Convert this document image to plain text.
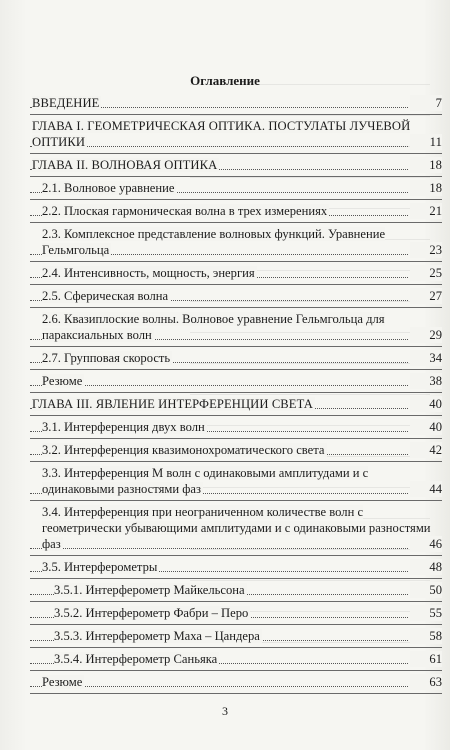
Оглавление
ВВЕДЕНИЕ	7
ГЛАВА I. ГЕОМЕТРИЧЕСКАЯ ОПТИКА. ПОСТУЛАТЫ ЛУЧЕВОЙ ОПТИКИ	11
ГЛАВА II. ВОЛНОВАЯ ОПТИКА	18
2.1. Волновое уравнение	18
2.2. Плоская гармоническая волна в трех измерениях	21
2.3. Комплексное представление волновых функций. Уравнение Гельмгольца	23
2.4. Интенсивность, мощность, энергия	25
2.5. Сферическая волна	27
2.6. Квазиплоские волны. Волновое уравнение Гельмгольца для параксиальных волн	29
2.7. Групповая скорость	34
Резюме	38
ГЛАВА III. ЯВЛЕНИЕ ИНТЕРФЕРЕНЦИИ СВЕТА	40
3.1. Интерференция двух волн	40
3.2. Интерференция квазимонохроматического света	42
3.3. Интерференция М волн с одинаковыми амплитудами и с одинаковыми разностями фаз	44
3.4. Интерференция при неограниченном количестве волн с геометрически убывающими амплитудами и с одинаковыми разностями фаз	46
3.5. Интерферометры	48
3.5.1. Интерферометр Майкельсона	50
3.5.2. Интерферометр Фабри – Перо	55
3.5.3. Интерферометр Маха – Цандера	58
3.5.4. Интерферометр Саньяка	61
Резюме	63
3
